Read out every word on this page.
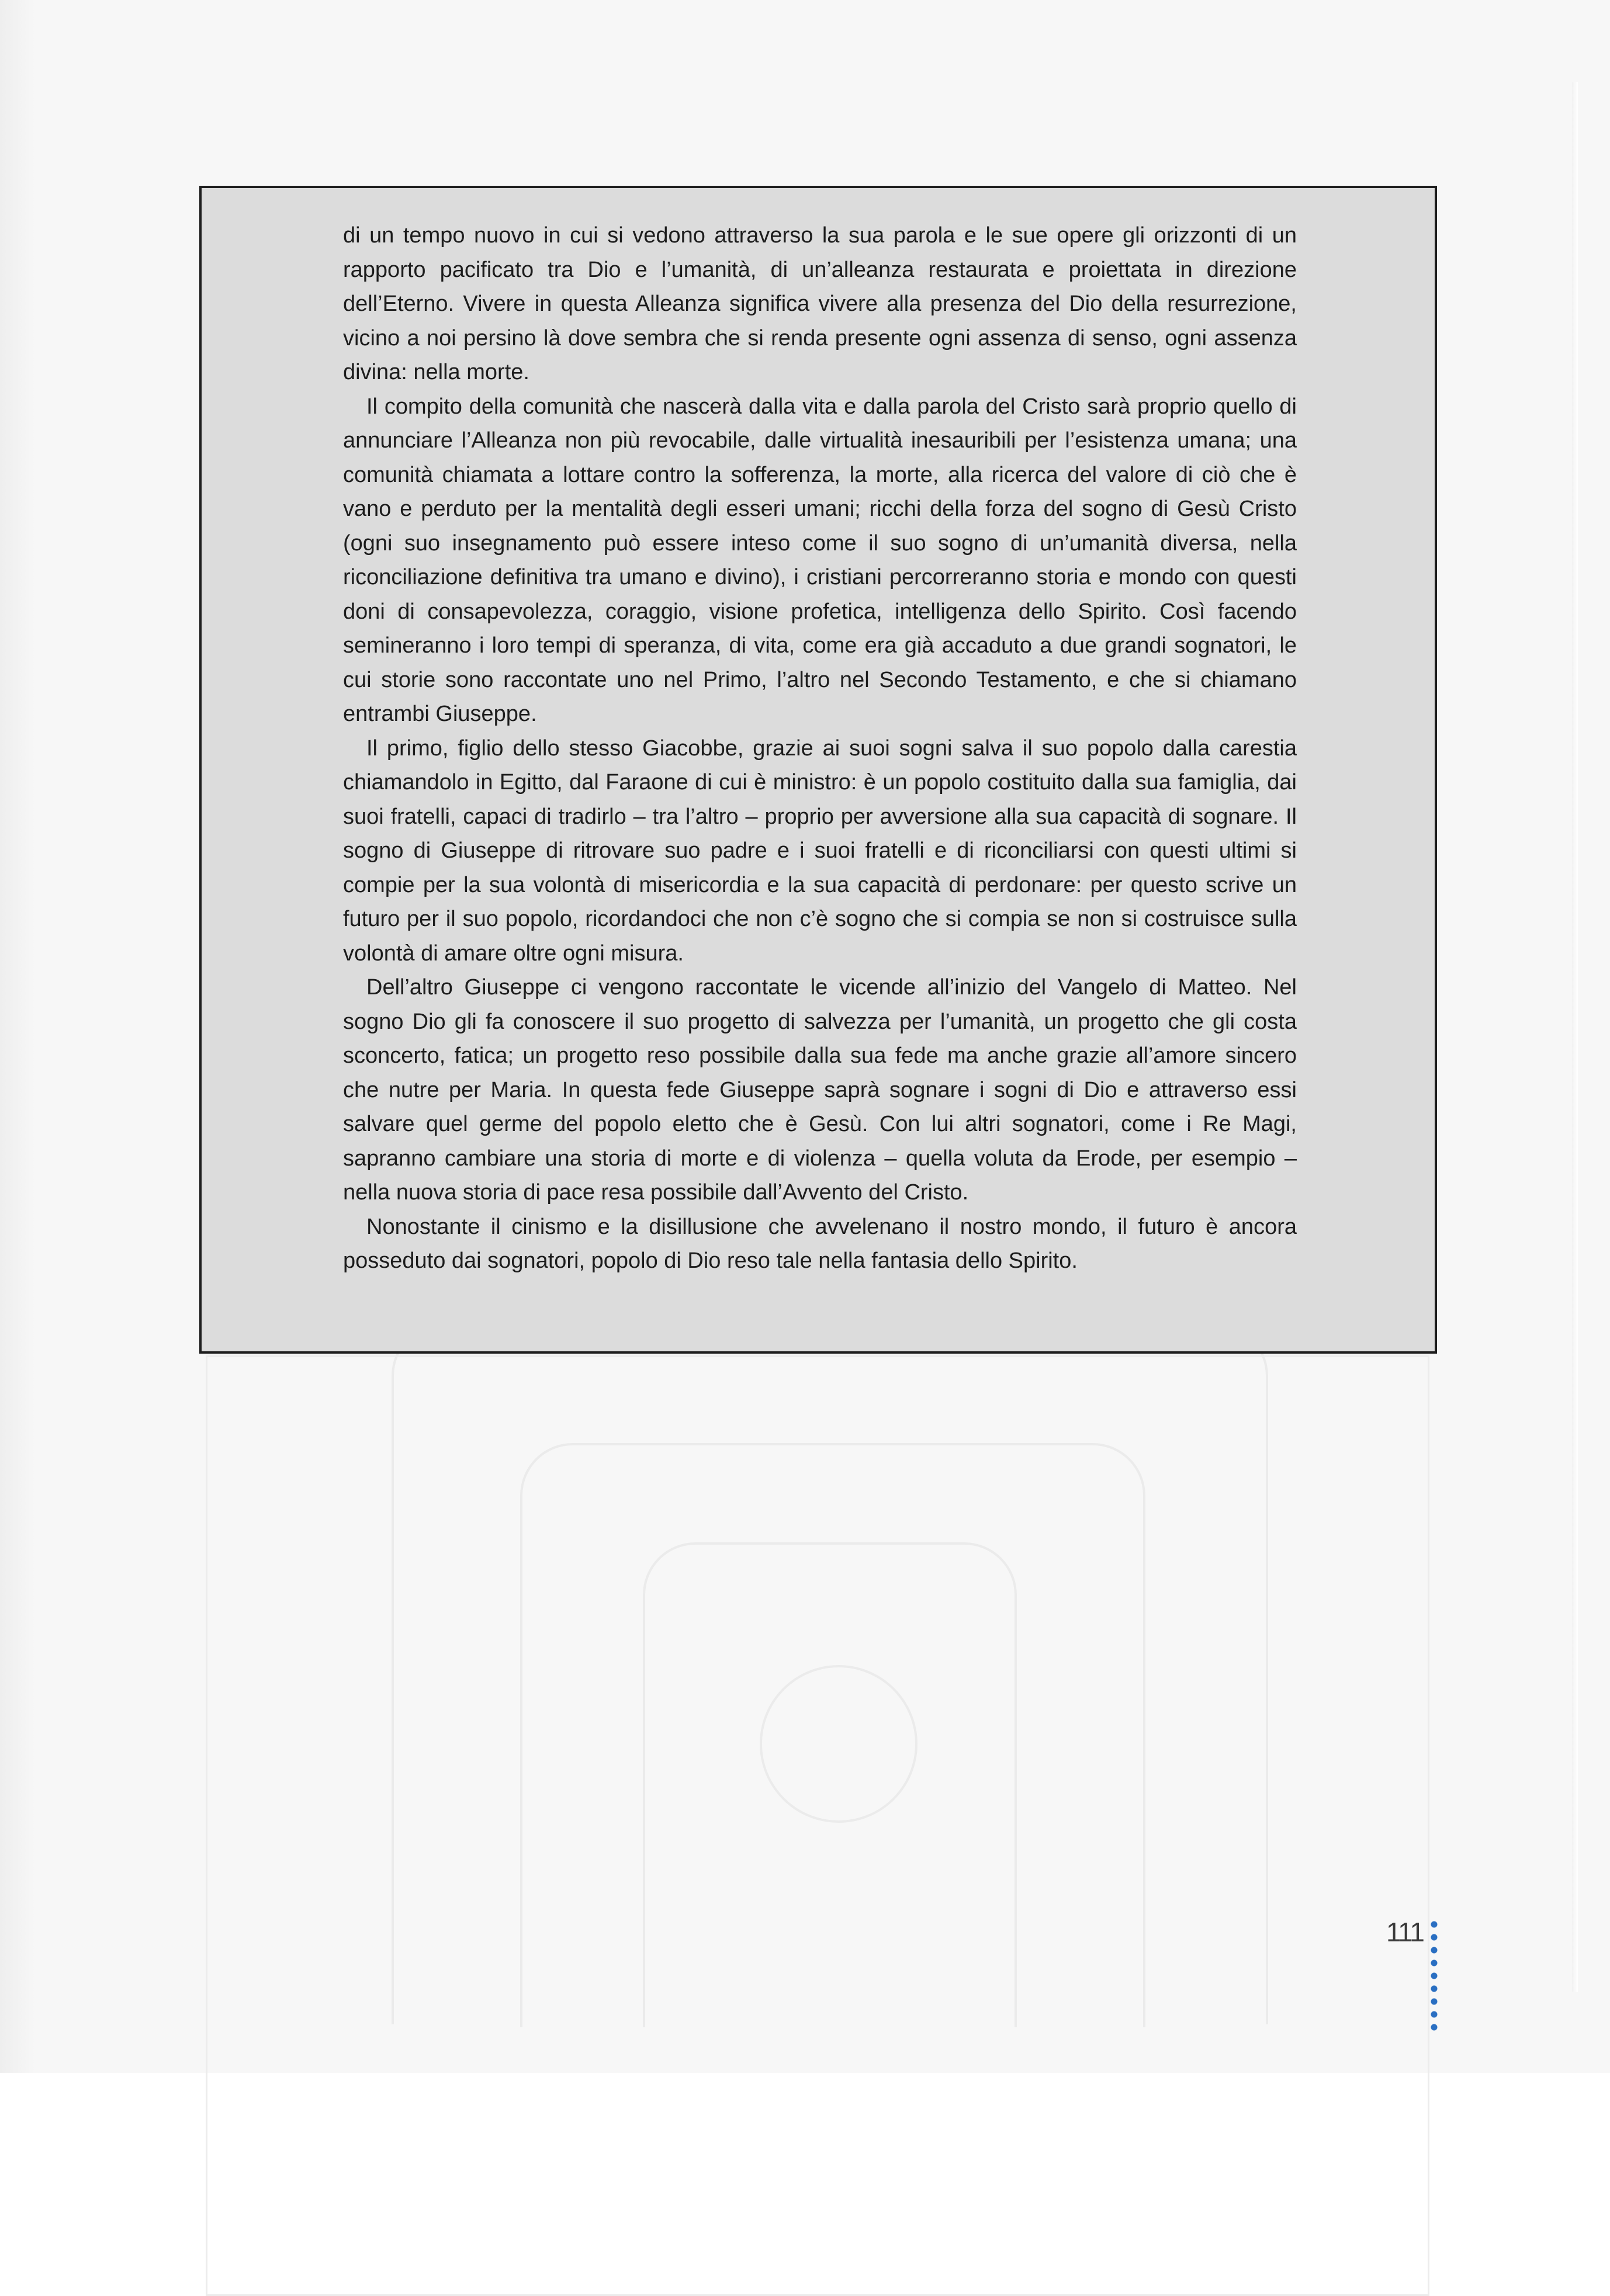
di un tempo nuovo in cui si vedono attraverso la sua parola e le sue opere gli orizzonti di un rapporto pacificato tra Dio e l’umanità, di un’alleanza restaurata e proiettata in direzione dell’Eterno. Vivere in questa Alleanza significa vivere alla presenza del Dio della resurrezione, vicino a noi persino là dove sembra che si renda presente ogni assenza di senso, ogni assenza divina: nella morte.

Il compito della comunità che nascerà dalla vita e dalla parola del Cristo sarà proprio quello di annunciare l’Alleanza non più revocabile, dalle virtualità inesauribili per l’esistenza umana; una comunità chiamata a lottare contro la sofferenza, la morte, alla ricerca del valore di ciò che è vano e perduto per la mentalità degli esseri umani; ricchi della forza del sogno di Gesù Cristo (ogni suo insegnamento può essere inteso come il suo sogno di un’umanità diversa, nella riconciliazione definitiva tra umano e divino), i cristiani percorreranno storia e mondo con questi doni di consapevolezza, coraggio, visione profetica, intelligenza dello Spirito. Così facendo semineranno i loro tempi di speranza, di vita, come era già accaduto a due grandi sognatori, le cui storie sono raccontate uno nel Primo, l’altro nel Secondo Testamento, e che si chiamano entrambi Giuseppe.

Il primo, figlio dello stesso Giacobbe, grazie ai suoi sogni salva il suo popolo dalla carestia chiamandolo in Egitto, dal Faraone di cui è ministro: è un popolo costituito dalla sua famiglia, dai suoi fratelli, capaci di tradirlo – tra l’altro – proprio per avversione alla sua capacità di sognare. Il sogno di Giuseppe di ritrovare suo padre e i suoi fratelli e di riconciliarsi con questi ultimi si compie per la sua volontà di misericordia e la sua capacità di perdonare: per questo scrive un futuro per il suo popolo, ricordandoci che non c’è sogno che si compia se non si costruisce sulla volontà di amare oltre ogni misura.

Dell’altro Giuseppe ci vengono raccontate le vicende all’inizio del Vangelo di Matteo. Nel sogno Dio gli fa conoscere il suo progetto di salvezza per l’umanità, un progetto che gli costa sconcerto, fatica; un progetto reso possibile dalla sua fede ma anche grazie all’amore sincero che nutre per Maria. In questa fede Giuseppe saprà sognare i sogni di Dio e attraverso essi salvare quel germe del popolo eletto che è Gesù. Con lui altri sognatori, come i Re Magi, sapranno cambiare una storia di morte e di violenza – quella voluta da Erode, per esempio – nella nuova storia di pace resa possibile dall’Avvento del Cristo.

Nonostante il cinismo e la disillusione che avvelenano il nostro mondo, il futuro è ancora posseduto dai sognatori, popolo di Dio reso tale nella fantasia dello Spirito.

111
